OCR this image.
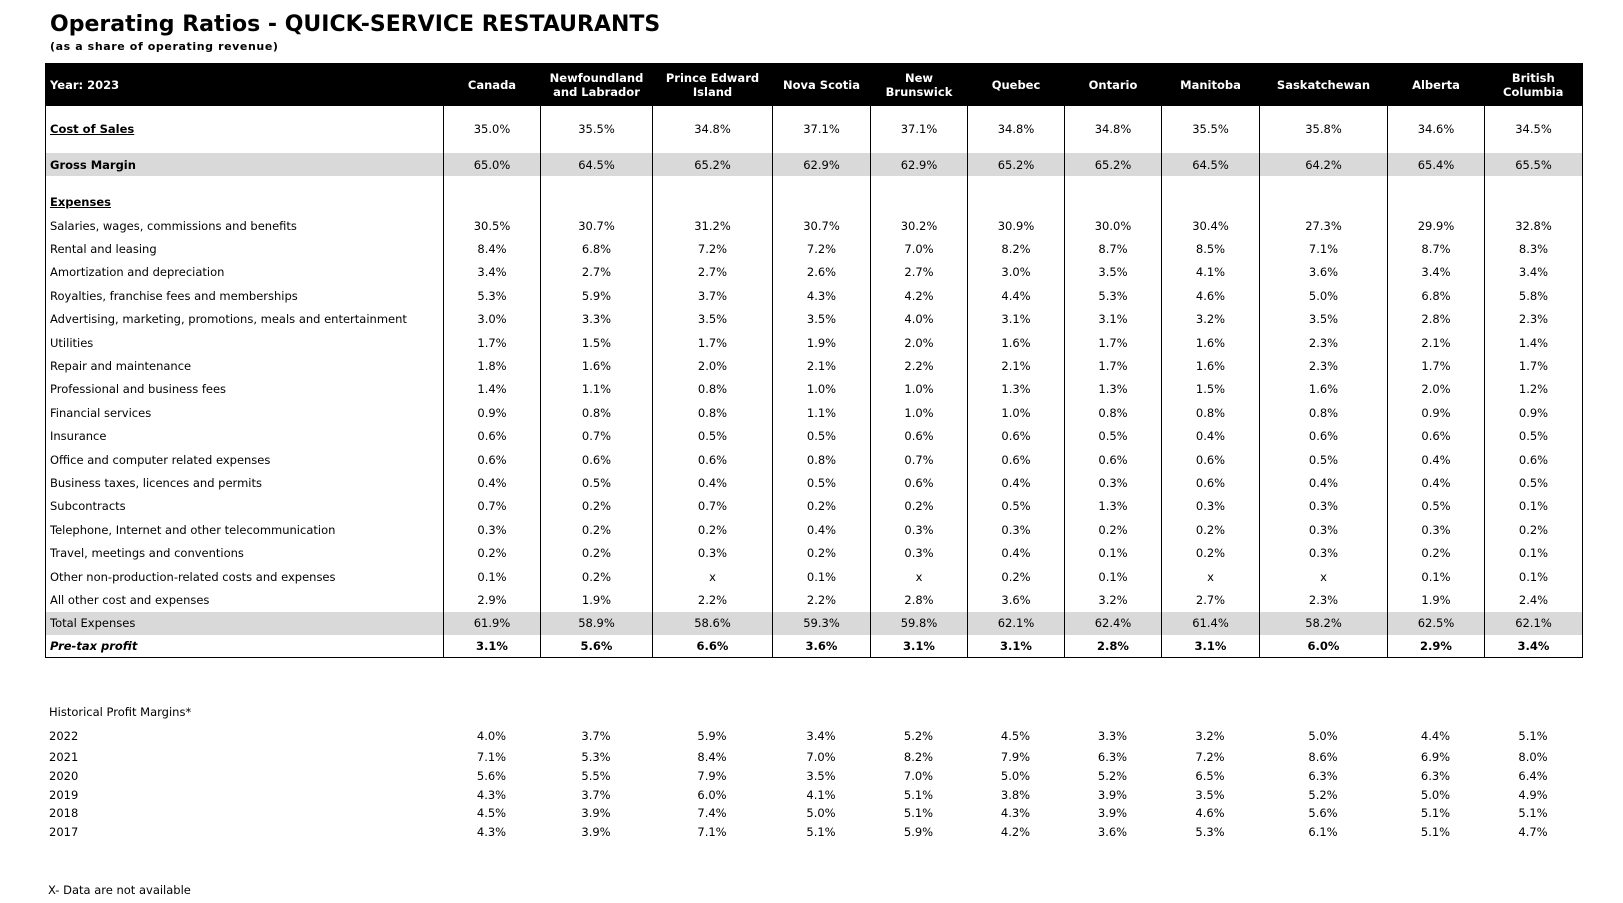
Operating Ratios - QUICK-SERVICE RESTAURANTS
(as a share of operating revenue)
Year: 2023	Canada	Newfoundland and Labrador	Prince Edward Island	Nova Scotia	New Brunswick	Quebec	Ontario	Manitoba	Saskatchewan	Alberta	British Columbia

Cost of Sales	35.0%	35.5%	34.8%	37.1%	37.1%	34.8%	34.8%	35.5%	35.8%	34.6%	34.5%

Gross Margin	65.0%	64.5%	65.2%	62.9%	62.9%	65.2%	65.2%	64.5%	64.2%	65.4%	65.5%

Expenses											
Salaries, wages, commissions and benefits	30.5%	30.7%	31.2%	30.7%	30.2%	30.9%	30.0%	30.4%	27.3%	29.9%	32.8%
Rental and leasing	8.4%	6.8%	7.2%	7.2%	7.0%	8.2%	8.7%	8.5%	7.1%	8.7%	8.3%
Amortization and depreciation	3.4%	2.7%	2.7%	2.6%	2.7%	3.0%	3.5%	4.1%	3.6%	3.4%	3.4%
Royalties, franchise fees and memberships	5.3%	5.9%	3.7%	4.3%	4.2%	4.4%	5.3%	4.6%	5.0%	6.8%	5.8%
Advertising, marketing, promotions, meals and entertainment	3.0%	3.3%	3.5%	3.5%	4.0%	3.1%	3.1%	3.2%	3.5%	2.8%	2.3%
Utilities	1.7%	1.5%	1.7%	1.9%	2.0%	1.6%	1.7%	1.6%	2.3%	2.1%	1.4%
Repair and maintenance	1.8%	1.6%	2.0%	2.1%	2.2%	2.1%	1.7%	1.6%	2.3%	1.7%	1.7%
Professional and business fees	1.4%	1.1%	0.8%	1.0%	1.0%	1.3%	1.3%	1.5%	1.6%	2.0%	1.2%
Financial services	0.9%	0.8%	0.8%	1.1%	1.0%	1.0%	0.8%	0.8%	0.8%	0.9%	0.9%
Insurance	0.6%	0.7%	0.5%	0.5%	0.6%	0.6%	0.5%	0.4%	0.6%	0.6%	0.5%
Office and computer related expenses	0.6%	0.6%	0.6%	0.8%	0.7%	0.6%	0.6%	0.6%	0.5%	0.4%	0.6%
Business taxes, licences and permits	0.4%	0.5%	0.4%	0.5%	0.6%	0.4%	0.3%	0.6%	0.4%	0.4%	0.5%
Subcontracts	0.7%	0.2%	0.7%	0.2%	0.2%	0.5%	1.3%	0.3%	0.3%	0.5%	0.1%
Telephone, Internet and other telecommunication	0.3%	0.2%	0.2%	0.4%	0.3%	0.3%	0.2%	0.2%	0.3%	0.3%	0.2%
Travel, meetings and conventions	0.2%	0.2%	0.3%	0.2%	0.3%	0.4%	0.1%	0.2%	0.3%	0.2%	0.1%
Other non-production-related costs and expenses	0.1%	0.2%	x	0.1%	x	0.2%	0.1%	x	x	0.1%	0.1%
All other cost and expenses	2.9%	1.9%	2.2%	2.2%	2.8%	3.6%	3.2%	2.7%	2.3%	1.9%	2.4%
Total Expenses	61.9%	58.9%	58.6%	59.3%	59.8%	62.1%	62.4%	61.4%	58.2%	62.5%	62.1%
Pre-tax profit	3.1%	5.6%	6.6%	3.6%	3.1%	3.1%	2.8%	3.1%	6.0%	2.9%	3.4%
Historical Profit Margins*											
2022	4.0%	3.7%	5.9%	3.4%	5.2%	4.5%	3.3%	3.2%	5.0%	4.4%	5.1%
2021	7.1%	5.3%	8.4%	7.0%	8.2%	7.9%	6.3%	7.2%	8.6%	6.9%	8.0%
2020	5.6%	5.5%	7.9%	3.5%	7.0%	5.0%	5.2%	6.5%	6.3%	6.3%	6.4%
2019	4.3%	3.7%	6.0%	4.1%	5.1%	3.8%	3.9%	3.5%	5.2%	5.0%	4.9%
2018	4.5%	3.9%	7.4%	5.0%	5.1%	4.3%	3.9%	4.6%	5.6%	5.1%	5.1%
2017	4.3%	3.9%	7.1%	5.1%	5.9%	4.2%	3.6%	5.3%	6.1%	5.1%	4.7%
X- Data are not available
